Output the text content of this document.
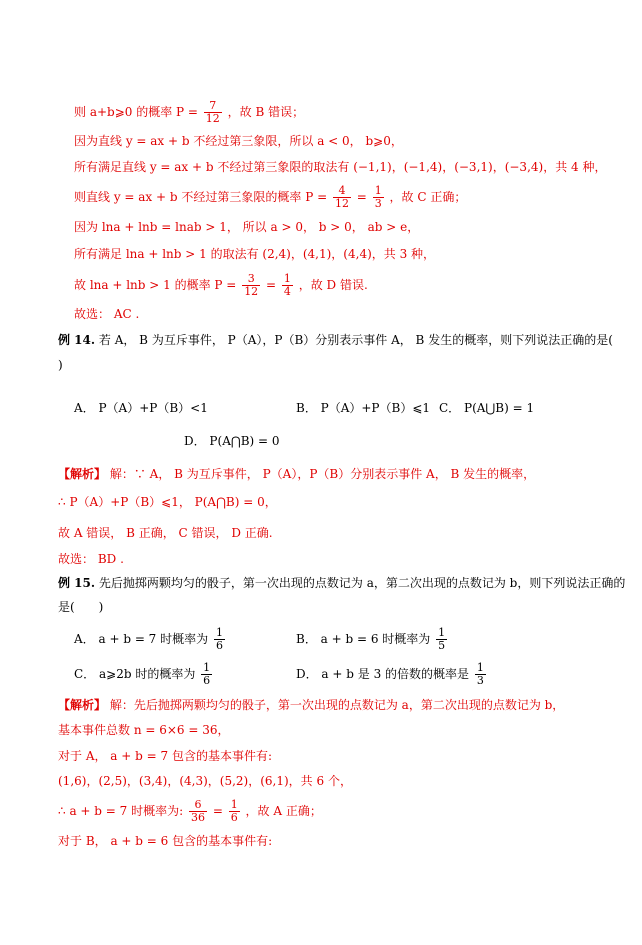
则 a+b⩾0 的概率 $P = \frac{7}{12}$ ，故 B 错误；
因为直线 y = ax + b 不经过第三象限，所以 a < 0， b⩾0，
所有满足直线 y = ax + b 不经过第三象限的取法有 (−1,1)，(−1,4)，(−3,1)，(−3,4)，共 4 种，
则直线 y = ax + b 不经过第三象限的概率 $P = \frac{4}{12} = \frac{1}{3}$ ，故 C 正确；
因为 lna + lnb = lnab > 1， 所以 a > 0， b > 0， ab > e，
所有满足 lna + lnb > 1 的取法有 (2,4)，(4,1)，(4,4)，共 3 种，
故 lna + lnb > 1 的概率 $P = \frac{3}{12} = \frac{1}{4}$ ，故 D 错误.
故选： AC .
例 14. 若 A， B 为互斥事件， P（A），P（B）分别表示事件 A， B 发生的概率，则下列说法正确的是(
)
A． P（A）+P（B）<1	B． P（A）+P（B）⩽1 C． P(A⋃B) = 1
D． P(A⋂B) = 0
【解析】 解：∵ A， B 为互斥事件， P（A），P（B）分别表示事件 A， B 发生的概率，
∴ P（A）+P（B）⩽1， P(A⋂B) = 0，
故 A 错误， B 正确， C 错误， D 正确.
故选： BD .
例 15. 先后抛掷两颗均匀的骰子，第一次出现的点数记为 a，第二次出现的点数记为 b，则下列说法正确的
是(　　)
A． a + b = 7 时概率为 $\frac{1}{6}$	B． a + b = 6 时概率为 $\frac{1}{5}$
C． a⩾2b 时的概率为 $\frac{1}{6}$	D． a + b 是 3 的倍数的概率是 $\frac{1}{3}$
【解析】 解：先后抛掷两颗均匀的骰子，第一次出现的点数记为 a，第二次出现的点数记为 b，
基本事件总数 n = 6×6 = 36，
对于 A， a + b = 7 包含的基本事件有:
(1,6)，(2,5)，(3,4)，(4,3)，(5,2)，(6,1)，共 6 个，
∴ a + b = 7 时概率为: $\frac{6}{36} = \frac{1}{6}$ ，故 A 正确；
对于 B， a + b = 6 包含的基本事件有:
